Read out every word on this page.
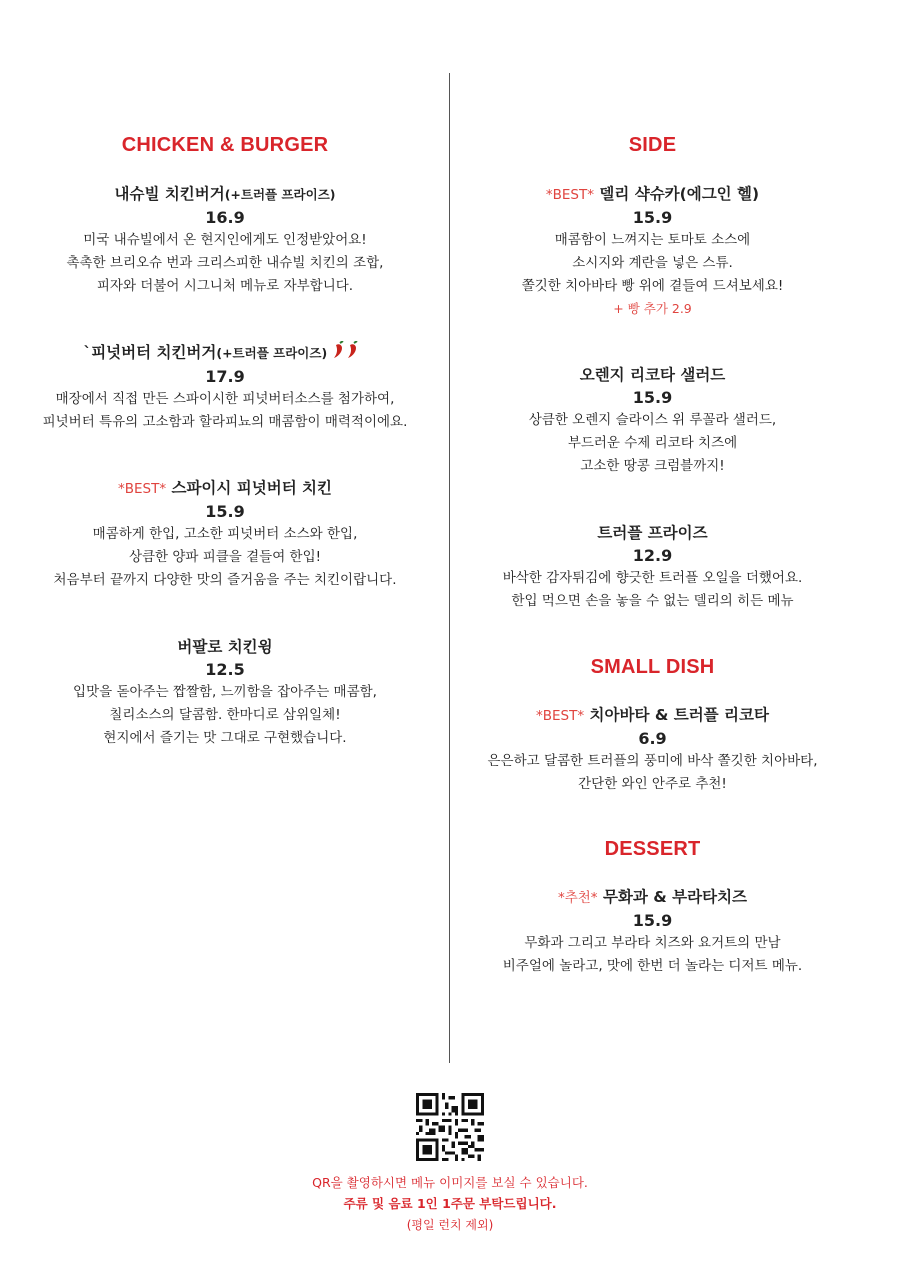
CHICKEN & BURGER
내슈빌 치킨버거(+트러플 프라이즈)
16.9
미국 내슈빌에서 온 현지인에게도 인정받았어요!
촉촉한 브리오슈 번과 크리스피한 내슈빌 치킨의 조합,
피자와 더불어 시그니처 메뉴로 자부합니다.
`피넛버터 치킨버거(+트러플 프라이즈)
17.9
매장에서 직접 만든 스파이시한 피넛버터소스를 첨가하여,
피넛버터 특유의 고소함과 할라피뇨의 매콤함이 매력적이에요.
*BEST* 스파이시 피넛버터 치킨
15.9
매콤하게 한입, 고소한 피넛버터 소스와 한입,
상큼한 양파 피클을 곁들여 한입!
처음부터 끝까지 다양한 맛의 즐거움을 주는 치킨이랍니다.
버팔로 치킨윙
12.5
입맛을 돋아주는 짭짤함, 느끼함을 잡아주는 매콤함,
칠리소스의 달콤함. 한마디로 삼위일체!
현지에서 즐기는 맛 그대로 구현했습니다.
SIDE
*BEST* 델리 샥슈카(에그인 헬)
15.9
매콤함이 느껴지는 토마토 소스에
소시지와 계란을 넣은 스튜.
쫄깃한 치아바타 빵 위에 곁들여 드셔보세요!
+ 빵 추가 2.9
오렌지 리코타 샐러드
15.9
상큼한 오렌지 슬라이스 위 루꼴라 샐러드,
부드러운 수제 리코타 치즈에
고소한 땅콩 크럼블까지!
트러플 프라이즈
12.9
바삭한 감자튀김에 향긋한 트러플 오일을 더했어요.
한입 먹으면 손을 놓을 수 없는 델리의 히든 메뉴
SMALL DISH
*BEST* 치아바타 & 트러플 리코타
6.9
은은하고 달콤한 트러플의 풍미에 바삭 쫄깃한 치아바타,
간단한 와인 안주로 추천!
DESSERT
*추천* 무화과 & 부라타치즈
15.9
무화과 그리고 부라타 치즈와 요거트의 만남
비주얼에 놀라고, 맛에 한번 더 놀라는 디저트 메뉴.
QR을 촬영하시면 메뉴 이미지를 보실 수 있습니다.
주류 및 음료 1인 1주문 부탁드립니다.
(평일 런치 제외)
